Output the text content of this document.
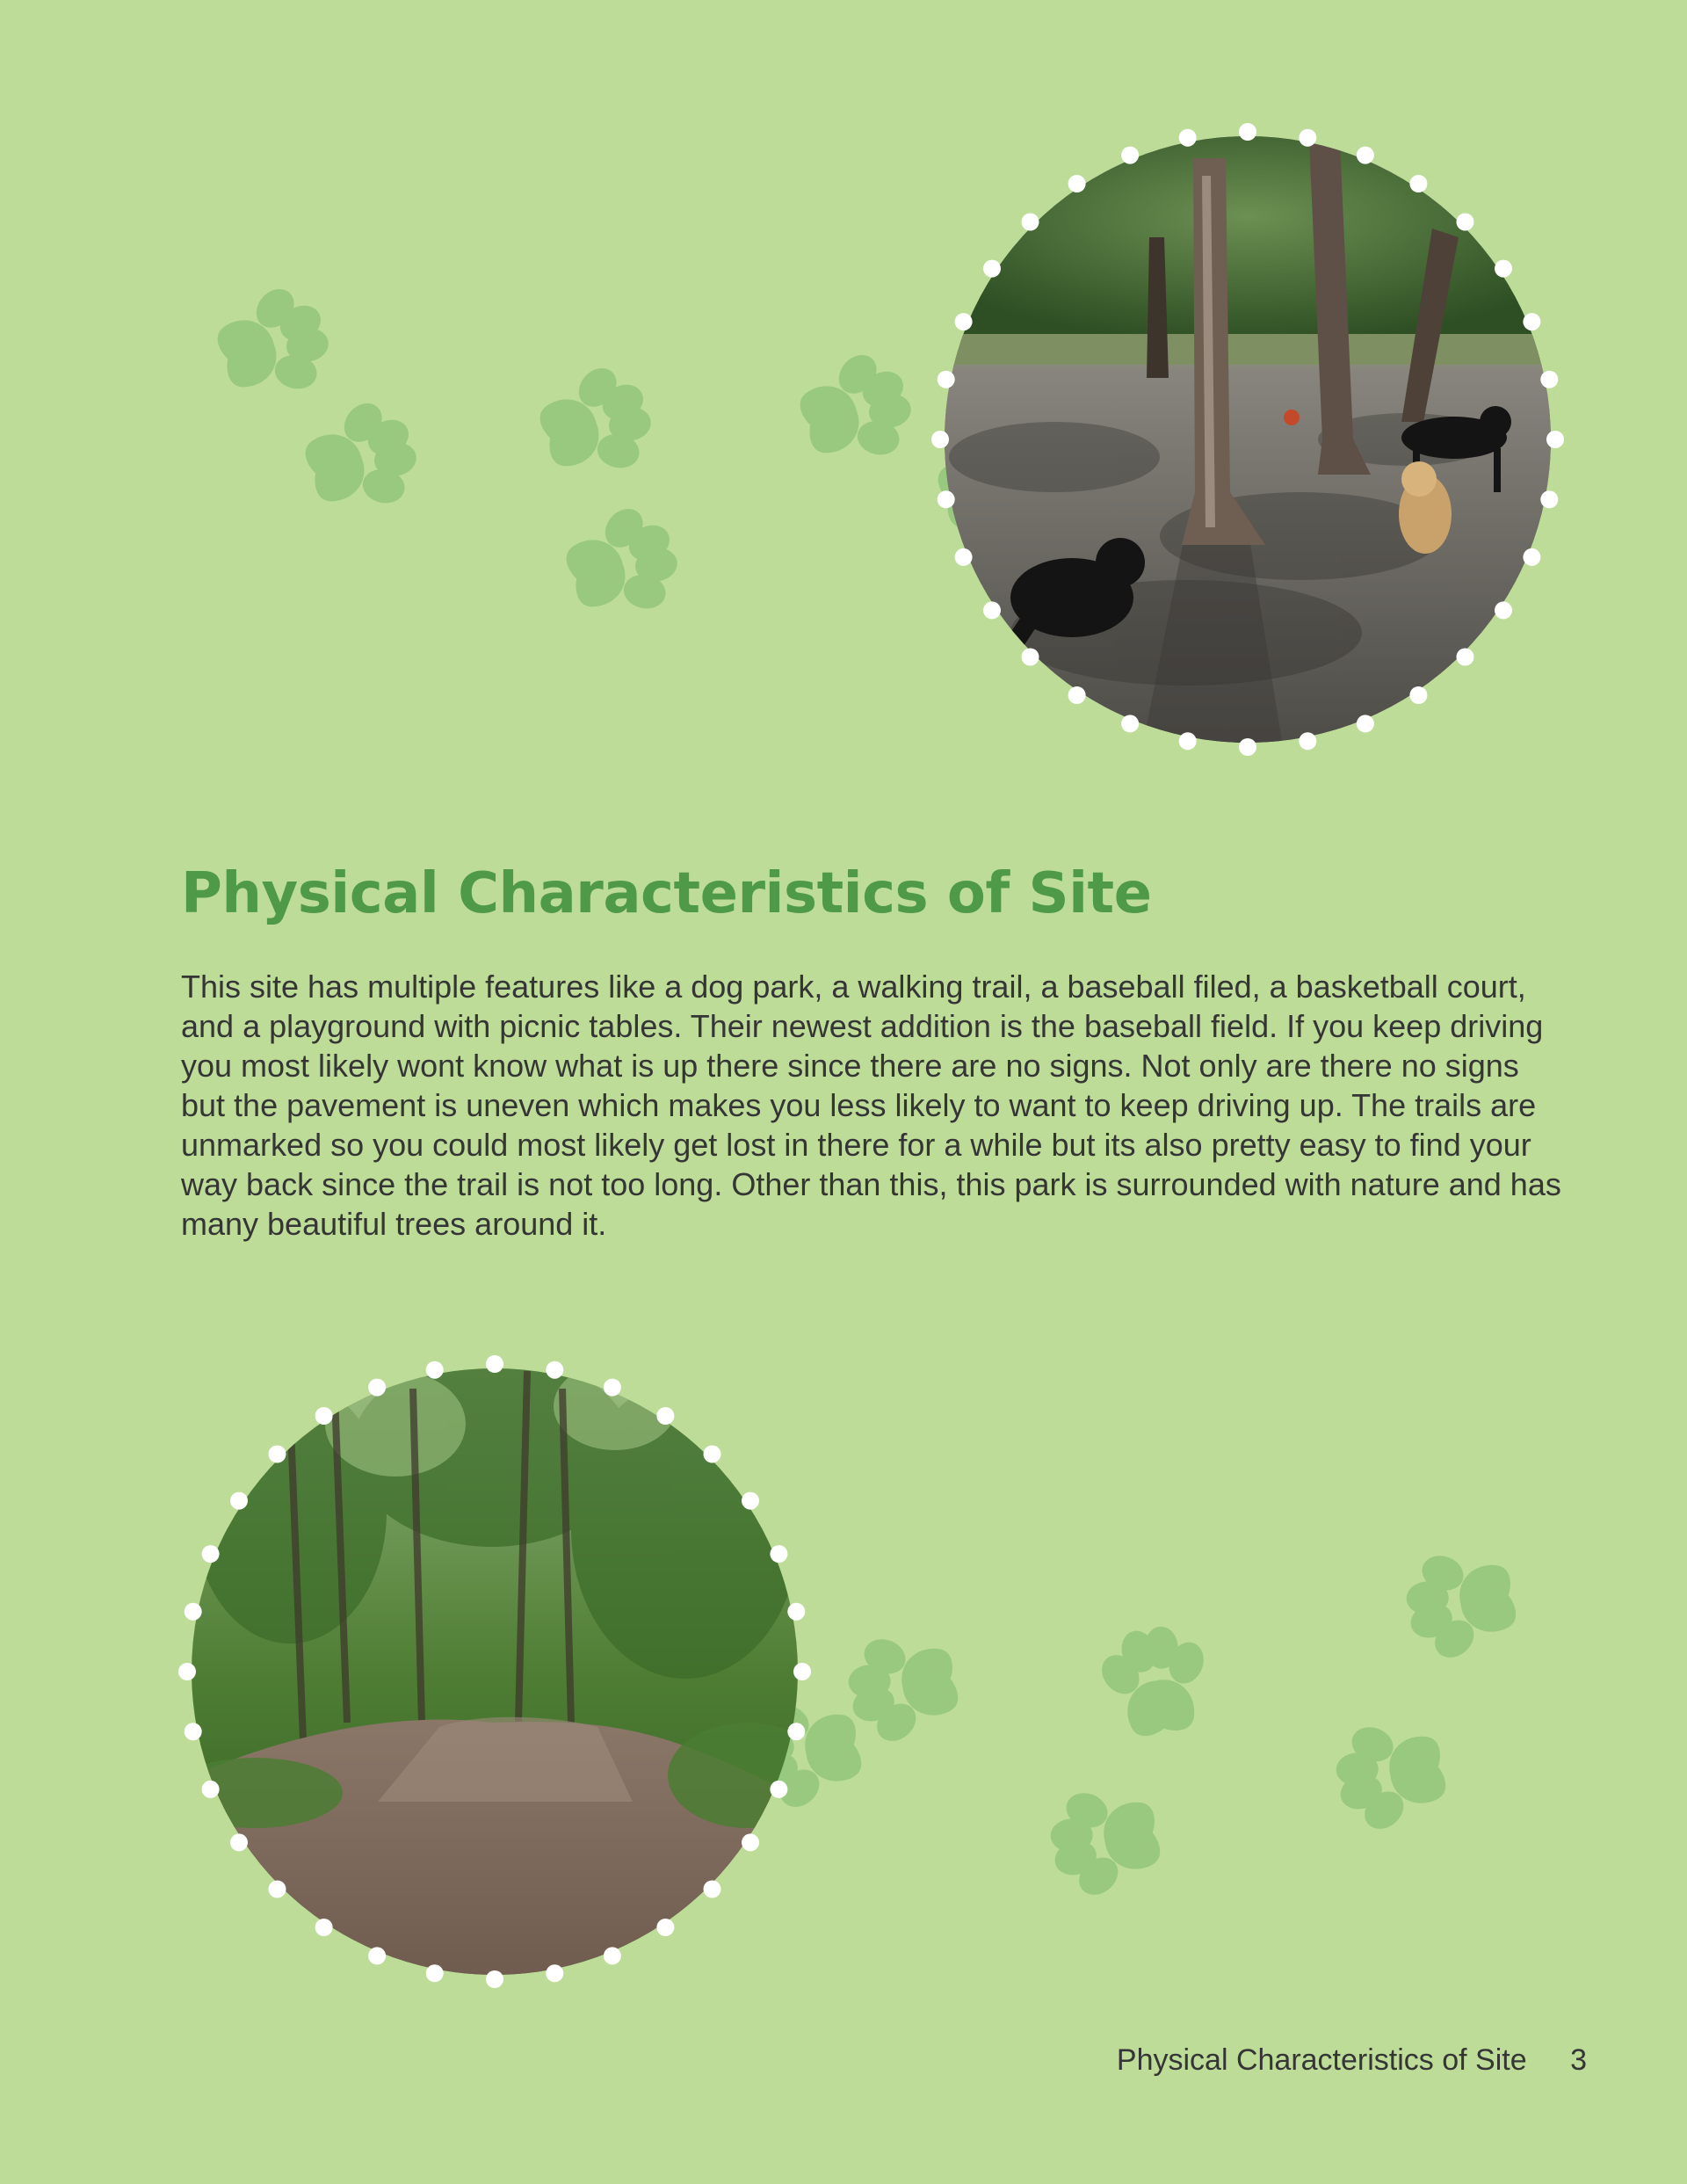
Physical Characteristics of Site

This site has multiple features like a dog park, a walking trail, a baseball filed, a basketball court, and a playground with picnic tables. Their newest addition is the baseball field. If you keep driving you most likely wont know what is up there since there are no signs. Not only are there no signs but the pavement is uneven which makes you less likely to want to keep driving up. The trails are unmarked so you could most likely get lost in there for a while but its also pretty easy to find your way back since the trail is not too long. Other than this, this park is surrounded with nature and has many beautiful trees around it.

Physical Characteristics of Site 3
